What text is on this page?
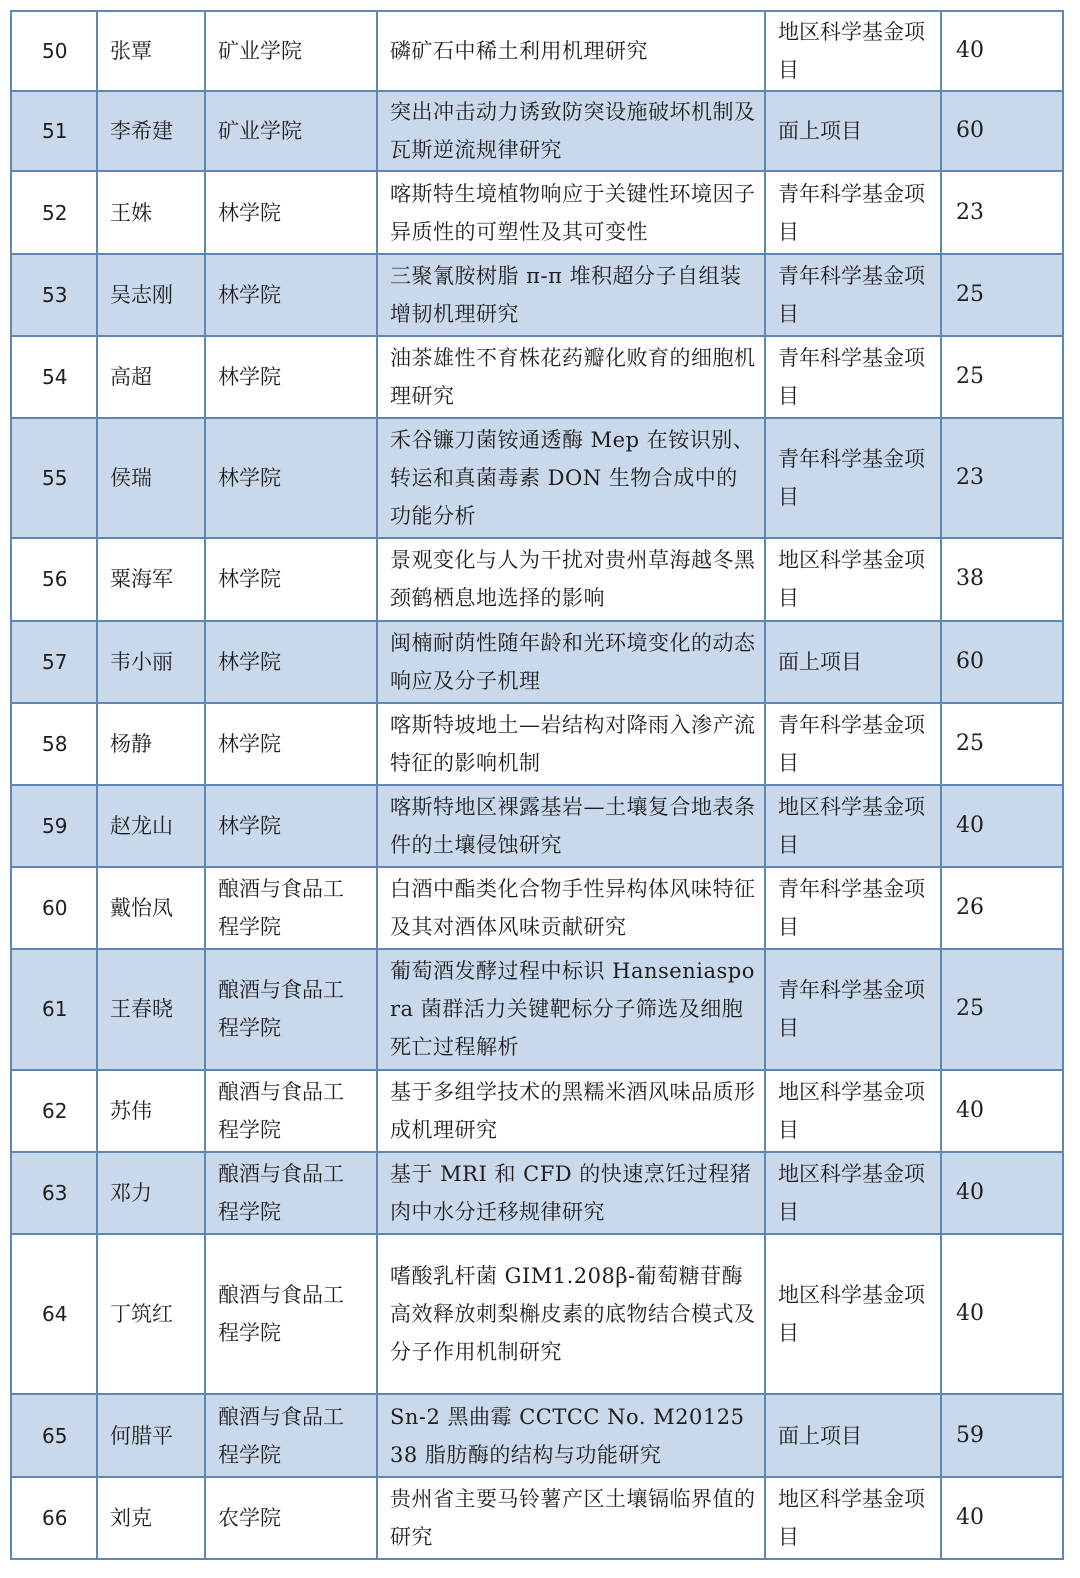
50	张覃	矿业学院	磷矿石中稀土利用机理研究	地区科学基金项目	40
51	李希建	矿业学院	突出冲击动力诱致防突设施破坏机制及瓦斯逆流规律研究	面上项目	60
52	王姝	林学院	喀斯特生境植物响应于关键性环境因子异质性的可塑性及其可变性	青年科学基金项目	23
53	吴志刚	林学院	三聚氰胺树脂 π-π 堆积超分子自组装增韧机理研究	青年科学基金项目	25
54	高超	林学院	油茶雄性不育株花药瓣化败育的细胞机理研究	青年科学基金项目	25
55	侯瑞	林学院	禾谷镰刀菌铵通透酶 Mep 在铵识别、转运和真菌毒素 DON 生物合成中的功能分析	青年科学基金项目	23
56	粟海军	林学院	景观变化与人为干扰对贵州草海越冬黑颈鹤栖息地选择的影响	地区科学基金项目	38
57	韦小丽	林学院	闽楠耐荫性随年龄和光环境变化的动态响应及分子机理	面上项目	60
58	杨静	林学院	喀斯特坡地土—岩结构对降雨入渗产流特征的影响机制	青年科学基金项目	25
59	赵龙山	林学院	喀斯特地区裸露基岩—土壤复合地表条件的土壤侵蚀研究	地区科学基金项目	40
60	戴怡凤	酿酒与食品工程学院	白酒中酯类化合物手性异构体风味特征及其对酒体风味贡献研究	青年科学基金项目	26
61	王春晓	酿酒与食品工程学院	葡萄酒发酵过程中标识 Hanseniaspora 菌群活力关键靶标分子筛选及细胞死亡过程解析	青年科学基金项目	25
62	苏伟	酿酒与食品工程学院	基于多组学技术的黑糯米酒风味品质形成机理研究	地区科学基金项目	40
63	邓力	酿酒与食品工程学院	基于 MRI 和 CFD 的快速烹饪过程猪肉中水分迁移规律研究	地区科学基金项目	40
64	丁筑红	酿酒与食品工程学院	嗜酸乳杆菌 GIM1.208β-葡萄糖苷酶高效释放刺梨槲皮素的底物结合模式及分子作用机制研究	地区科学基金项目	40
65	何腊平	酿酒与食品工程学院	Sn-2 黑曲霉 CCTCC No. M2012538 脂肪酶的结构与功能研究	面上项目	59
66	刘克	农学院	贵州省主要马铃薯产区土壤镉临界值的研究	地区科学基金项目	40
